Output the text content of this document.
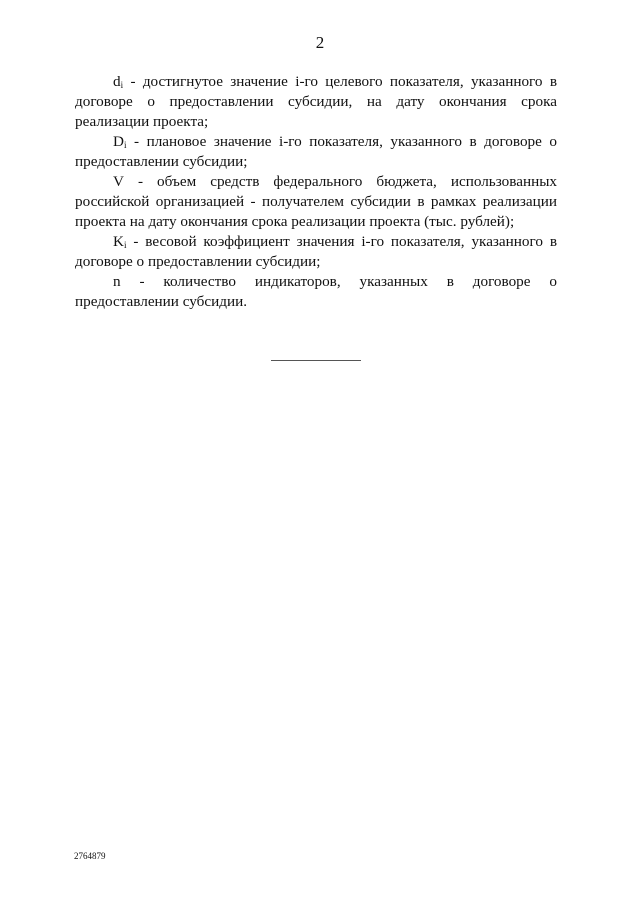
2

$d_i$ - достигнутое значение i-го целевого показателя, указанного в договоре о предоставлении субсидии, на дату окончания срока реализации проекта;

$D_i$ - плановое значение i-го показателя, указанного в договоре о предоставлении субсидии;

V - объем средств федерального бюджета, использованных российской организацией - получателем субсидии в рамках реализации проекта на дату окончания срока реализации проекта (тыс. рублей);

$K_i$ - весовой коэффициент значения i-го показателя, указанного в договоре о предоставлении субсидии;

n - количество индикаторов, указанных в договоре о предоставлении субсидии.

2764879
